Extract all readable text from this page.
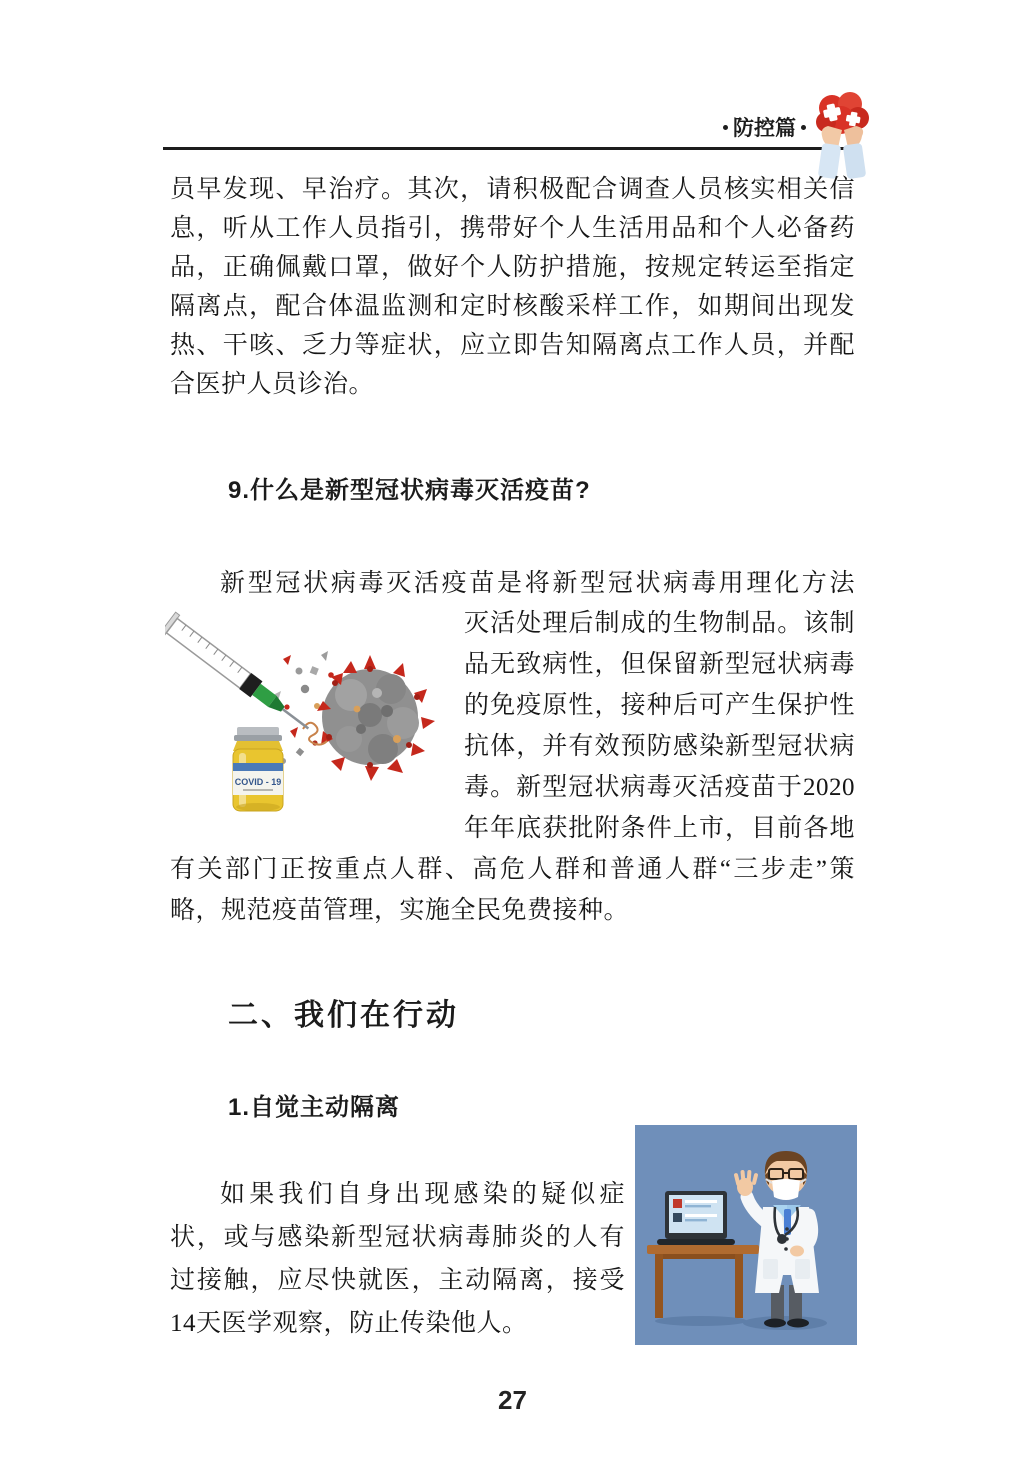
防控篇

员早发现、早治疗。其次，请积极配合调查人员核实相关信息，听从工作人员指引，携带好个人生活用品和个人必备药品，正确佩戴口罩，做好个人防护措施，按规定转运至指定隔离点，配合体温监测和定时核酸采样工作，如期间出现发热、干咳、乏力等症状，应立即告知隔离点工作人员，并配合医护人员诊治。

9.什么是新型冠状病毒灭活疫苗?

新型冠状病毒灭活疫苗是将新型冠状病毒用理化方法

COVID - 19

灭活处理后制成的生物制品。该制品无致病性，但保留新型冠状病毒的免疫原性，接种后可产生保护性抗体，并有效预防感染新型冠状病毒。新型冠状病毒灭活疫苗于2020年年底获批附条件上市，目前各地有关部门正按重点人群、高危人群和普通人群“三步走”策略，规范疫苗管理，实施全民免费接种。

二、我们在行动
1.自觉主动隔离

如果我们自身出现感染的疑似症状，或与感染新型冠状病毒肺炎的人有过接触，应尽快就医，主动隔离，接受14天医学观察，防止传染他人。

27
